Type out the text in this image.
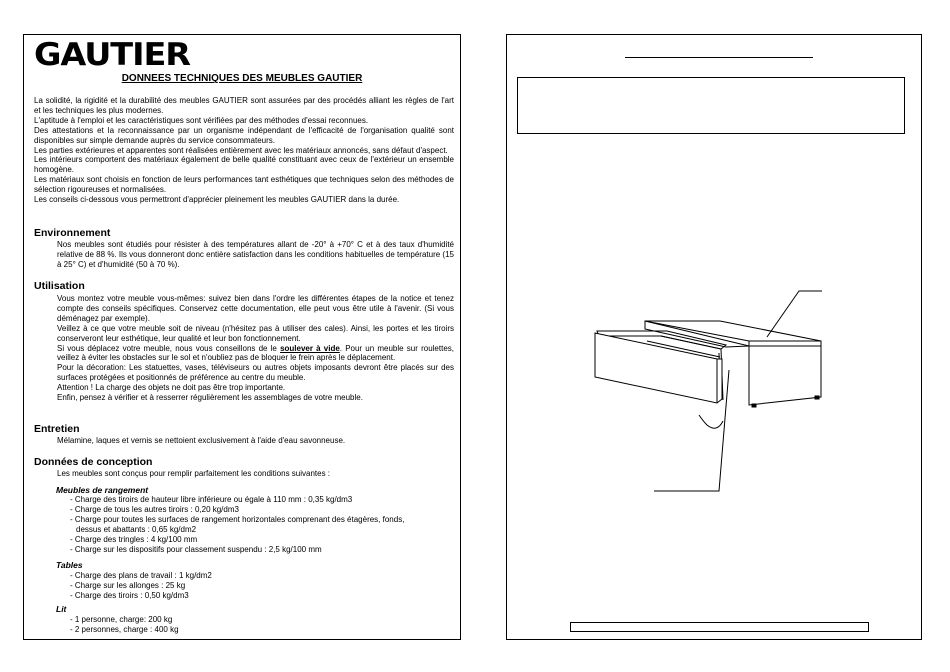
GAUTIER
DONNEES TECHNIQUES DES MEUBLES GAUTIER

La solidité, la rigidité et la durabilité des meubles GAUTIER sont assurées par des procédés alliant les règles de l'art et les techniques les plus modernes.

L'aptitude à l'emploi et les caractéristiques sont vérifiées par des méthodes d'essai reconnues.

Des attestations et la reconnaissance par un organisme indépendant de l'efficacité de l'organisation qualité sont disponibles sur simple demande auprès du service consommateurs.

Les parties extérieures et apparentes sont réalisées entièrement avec les matériaux annoncés, sans défaut d'aspect.

Les intérieurs comportent des matériaux également de belle qualité constituant avec ceux de l'extérieur un ensemble homogène.

Les matériaux sont choisis en fonction de leurs performances tant esthétiques que techniques selon des méthodes de sélection rigoureuses et normalisées.

Les conseils ci-dessous vous permettront d'apprécier pleinement les meubles GAUTIER dans la durée.

Environnement

Nos meubles sont étudiés pour résister à des températures allant de -20° à +70° C et à des taux d'humidité relative de 88 %. Ils vous donneront donc entière satisfaction dans les conditions habituelles de température (15 à 25° C) et d'humidité (50 à 70 %).

Utilisation

Vous montez votre meuble vous-mêmes: suivez bien dans l'ordre les différentes étapes de la notice et tenez compte des conseils spécifiques. Conservez cette documentation, elle peut vous être utile à l'avenir. (Si vous déménagez par exemple).

Veillez à ce que votre meuble soit de niveau (n'hésitez pas à utiliser des cales). Ainsi, les portes et les tiroirs conserveront leur esthétique, leur qualité et leur bon fonctionnement.

Si vous déplacez votre meuble, nous vous conseillons de le soulever à vide. Pour un meuble sur roulettes, veillez à éviter les obstacles sur le sol et n'oubliez pas de bloquer le frein après le déplacement.

Pour la décoration: Les statuettes, vases, téléviseurs ou autres objets imposants devront être placés sur des surfaces protégées et positionnés de préférence au centre du meuble.

Attention ! La charge des objets ne doit pas être trop importante.

Enfin, pensez à vérifier et à resserrer régulièrement les assemblages de votre meuble.

Entretien

Mélamine, laques et vernis se nettoient exclusivement à l'aide d'eau savonneuse.

Données de conception

Les meubles sont conçus pour remplir parfaitement les conditions suivantes :

Meubles de rangement
- Charge des tiroirs de hauteur libre inférieure ou égale à 110 mm : 0,35 kg/dm3
- Charge de tous les autres tiroirs : 0,20 kg/dm3
- Charge pour toutes les surfaces de rangement horizontales comprenant des étagères, fonds,
dessus et abattants : 0,65 kg/dm2
- Charge des tringles : 4 kg/100 mm
- Charge sur les dispositifs pour classement suspendu : 2,5 kg/100 mm
Tables
- Charge des plans de travail : 1 kg/dm2
- Charge sur les allonges : 25 kg
- Charge des tiroirs : 0,50 kg/dm3
Lit
- 1 personne, charge: 200 kg
- 2 personnes, charge : 400 kg
